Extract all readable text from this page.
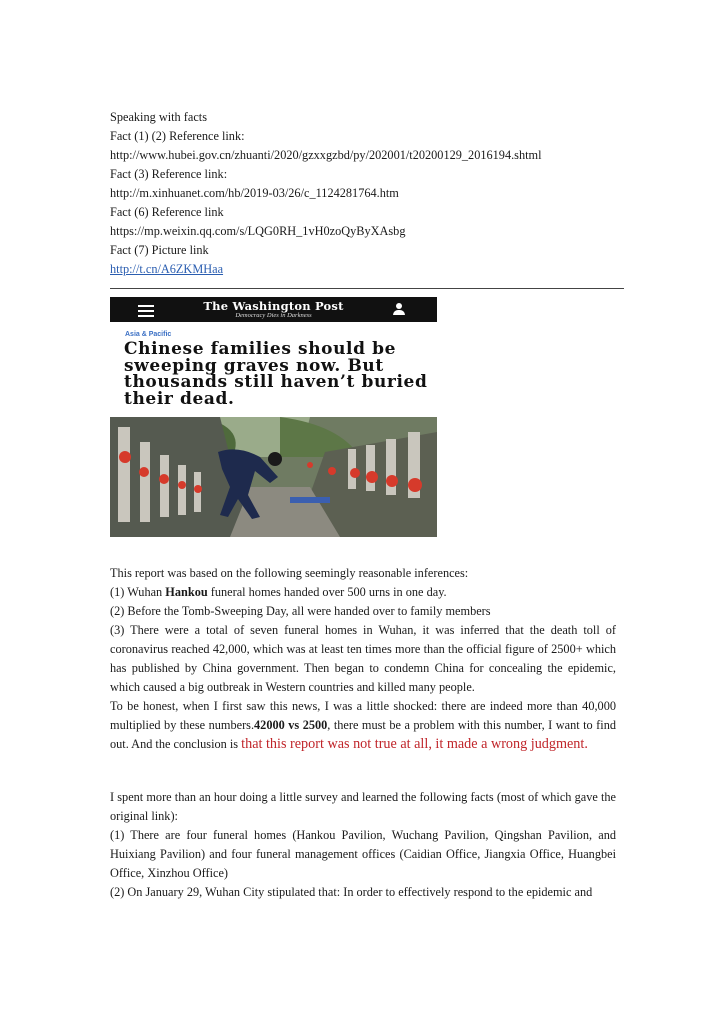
Speaking with facts
Fact (1) (2) Reference link:
http://www.hubei.gov.cn/zhuanti/2020/gzxxgzbd/py/202001/t20200129_2016194.shtml
Fact (3) Reference link:
http://m.xinhuanet.com/hb/2019-03/26/c_1124281764.htm
Fact (6) Reference link
https://mp.weixin.qq.com/s/LQG0RH_1vH0zoQyByXAsbg
Fact (7) Picture link
http://t.cn/A6ZKMHaa
The Washington Post
Democracy Dies in Darkness
Asia & Pacific
Chinese families should be sweeping graves now. But thousands still haven’t buried their dead.

This report was based on the following seemingly reasonable inferences:

(1) Wuhan Hankou funeral homes handed over 500 urns in one day.

(2) Before the Tomb-Sweeping Day, all were handed over to family members

(3) There were a total of seven funeral homes in Wuhan, it was inferred that the death toll of coronavirus reached 42,000, which was at least ten times more than the official figure of 2500+ which has published by China government. Then began to condemn China for concealing the epidemic, which caused a big outbreak in Western countries and killed many people.

To be honest, when I first saw this news, I was a little shocked: there are indeed more than 40,000 multiplied by these numbers.42000 vs 2500, there must be a problem with this number, I want to find out. And the conclusion is that this report was not true at all, it made a wrong judgment.

I spent more than an hour doing a little survey and learned the following facts (most of which gave the original link):

(1) There are four funeral homes (Hankou Pavilion, Wuchang Pavilion, Qingshan Pavilion, and Huixiang Pavilion) and four funeral management offices (Caidian Office, Jiangxia Office, Huangbei Office, Xinzhou Office)

(2) On January 29, Wuhan City stipulated that: In order to effectively respond to the epidemic and
